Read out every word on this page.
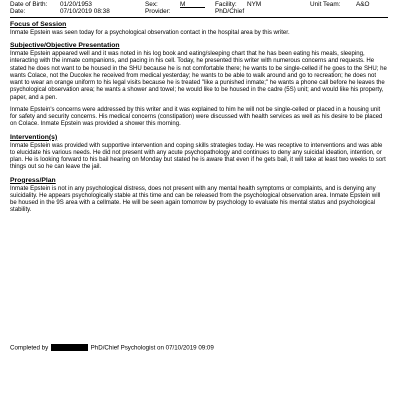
Date of Birth: 01/20/1953	Sex:	M	Facility: NYM	Unit Team: A&O
Date:	07/10/2019 08:38	Provider:	PhD/Chief
Focus of Session

Inmate Epstein was seen today for a psychological observation contact in the hospital area by this writer.

Subjective/Objective Presentation

Inmate Epstein appeared well and it was noted in his log book and eating/sleeping chart that he has been eating his meals, sleeping, interacting with the inmate companions, and pacing in his cell. Today, he presented this writer with numerous concerns and requests. He stated he does not want to be housed in the SHU because he is not comfortable there; he wants to be single-celled if he goes to the SHU; he wants Colace, not the Ducolex he received from medical yesterday; he wants to be able to walk around and go to recreation; he does not want to wear an orange uniform to his legal visits because he is treated "like a punished inmate;" he wants a phone call before he leaves the psychological observation area; he wants a shower and towel; he would like to be housed in the cadre (5S) unit; and would like his property, paper, and a pen.

Inmate Epstein's concerns were addressed by this writer and it was explained to him he will not be single-celled or placed in a housing unit for safety and security concerns. His medical concerns (constipation) were discussed with health services as well as his desire to be placed on Colace. Inmate Epstein was provided a shower this morning.

Intervention(s)

Inmate Epstein was provided with supportive intervention and coping skills strategies today. He was receptive to interventions and was able to elucidate his various needs. He did not present with any acute psychopathology and continues to deny any suicidal ideation, intention, or plan. He is looking forward to his bail hearing on Monday but stated he is aware that even if he gets bail, it will take at least two weeks to sort things out so he can leave the jail.

Progress/Plan

Inmate Epstein is not in any psychological distress, does not present with any mental health symptoms or complaints, and is denying any suicidality. He appears psychologically stable at this time and can be released from the psychological observation area. Inmate Epstein will be housed in the 9S area with a cellmate. He will be seen again tomorrow by psychology to evaluate his mental status and psychological stability.

Completed by	PhD/Chief Psychologist on 07/10/2019 09:09
